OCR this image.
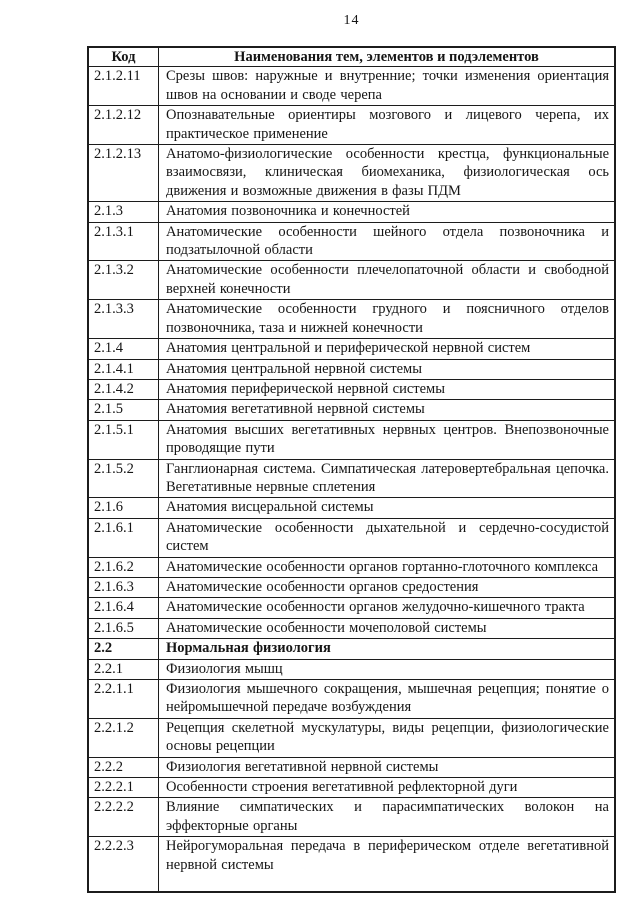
14
Код	Наименования тем, элементов и подэлементов
2.1.2.11	Срезы швов: наружные и внутренние; точки изменения ориентация швов на основании и своде черепа
2.1.2.12	Опознавательные ориентиры мозгового и лицевого черепа, их практическое применение
2.1.2.13	Анатомо-физиологические особенности крестца, функциональные взаимосвязи, клиническая биомеханика, физиологическая ось движения и возможные движения в фазы ПДМ
2.1.3	Анатомия позвоночника и конечностей
2.1.3.1	Анатомические особенности шейного отдела позвоночника и подзатылочной области
2.1.3.2	Анатомические особенности плечелопаточной области и свободной верхней конечности
2.1.3.3	Анатомические особенности грудного и поясничного отделов позвоночника, таза и нижней конечности
2.1.4	Анатомия центральной и периферической нервной систем
2.1.4.1	Анатомия центральной нервной системы
2.1.4.2	Анатомия периферической нервной системы
2.1.5	Анатомия вегетативной нервной системы
2.1.5.1	Анатомия высших вегетативных нервных центров. Внепозвоночные проводящие пути
2.1.5.2	Ганглионарная система. Симпатическая латеровертебральная цепочка. Вегетативные нервные сплетения
2.1.6	Анатомия висцеральной системы
2.1.6.1	Анатомические особенности дыхательной и сердечно-сосудистой систем
2.1.6.2	Анатомические особенности органов гортанно-глоточного комплекса
2.1.6.3	Анатомические особенности органов средостения
2.1.6.4	Анатомические особенности органов желудочно-кишечного тракта
2.1.6.5	Анатомические особенности мочеполовой системы
2.2	Нормальная физиология
2.2.1	Физиология мышц
2.2.1.1	Физиология мышечного сокращения, мышечная рецепция; понятие о нейромышечной передаче возбуждения
2.2.1.2	Рецепция скелетной мускулатуры, виды рецепции, физиологические основы рецепции
2.2.2	Физиология вегетативной нервной системы
2.2.2.1	Особенности строения вегетативной рефлекторной дуги
2.2.2.2	Влияние симпатических и парасимпатических волокон на эффекторные органы
2.2.2.3	Нейрогуморальная передача в периферическом отделе вегетативной нервной системы
